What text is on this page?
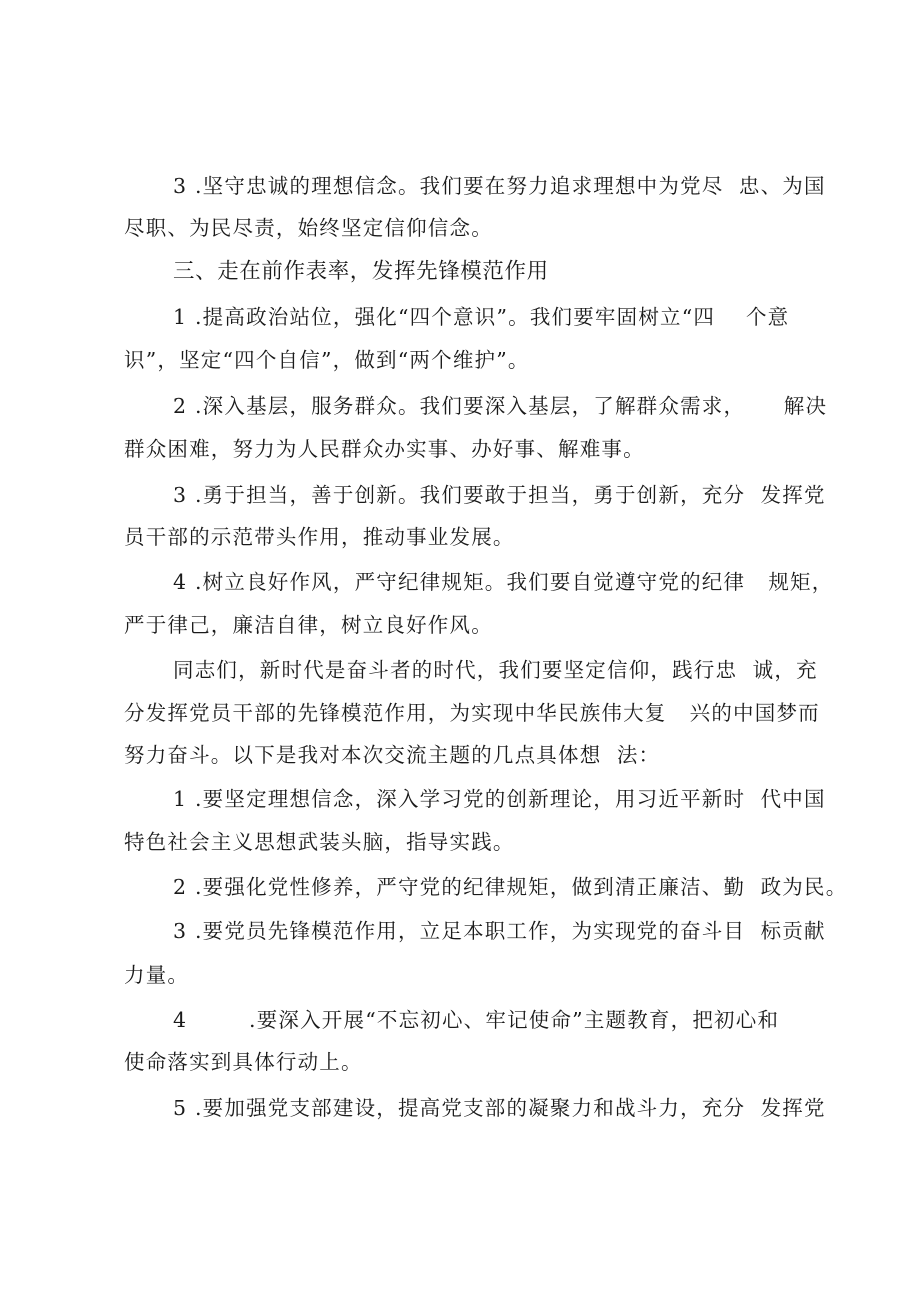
3 .坚守忠诚的理想信念。我们要在努力追求理想中为党尽  忠、为国
尽职、为民尽责，始终坚定信仰信念。
三、走在前作表率，发挥先锋模范作用
1 .提高政治站位，强化“四个意识”。我们要牢固树立“四    个意
识”，坚定“四个自信”，做到“两个维护”。
2 .深入基层，服务群众。我们要深入基层，了解群众需求，     解决
群众困难，努力为人民群众办实事、办好事、解难事。
3 .勇于担当，善于创新。我们要敢于担当，勇于创新，充分  发挥党
员干部的示范带头作用，推动事业发展。
4 .树立良好作风，严守纪律规矩。我们要自觉遵守党的纪律   规矩，
严于律己，廉洁自律，树立良好作风。
同志们，新时代是奋斗者的时代，我们要坚定信仰，践行忠  诚，充
分发挥党员干部的先锋模范作用，为实现中华民族伟大复   兴的中国梦而
努力奋斗。以下是我对本次交流主题的几点具体想  法：
1 .要坚定理想信念，深入学习党的创新理论，用习近平新时  代中国
特色社会主义思想武装头脑，指导实践。
2 .要强化党性修养，严守党的纪律规矩，做到清正廉洁、勤  政为民。
3 .要党员先锋模范作用，立足本职工作，为实现党的奋斗目  标贡献
力量。
4        .要深入开展“不忘初心、牢记使命”主题教育，把初心和
使命落实到具体行动上。
5 .要加强党支部建设，提高党支部的凝聚力和战斗力，充分  发挥党
